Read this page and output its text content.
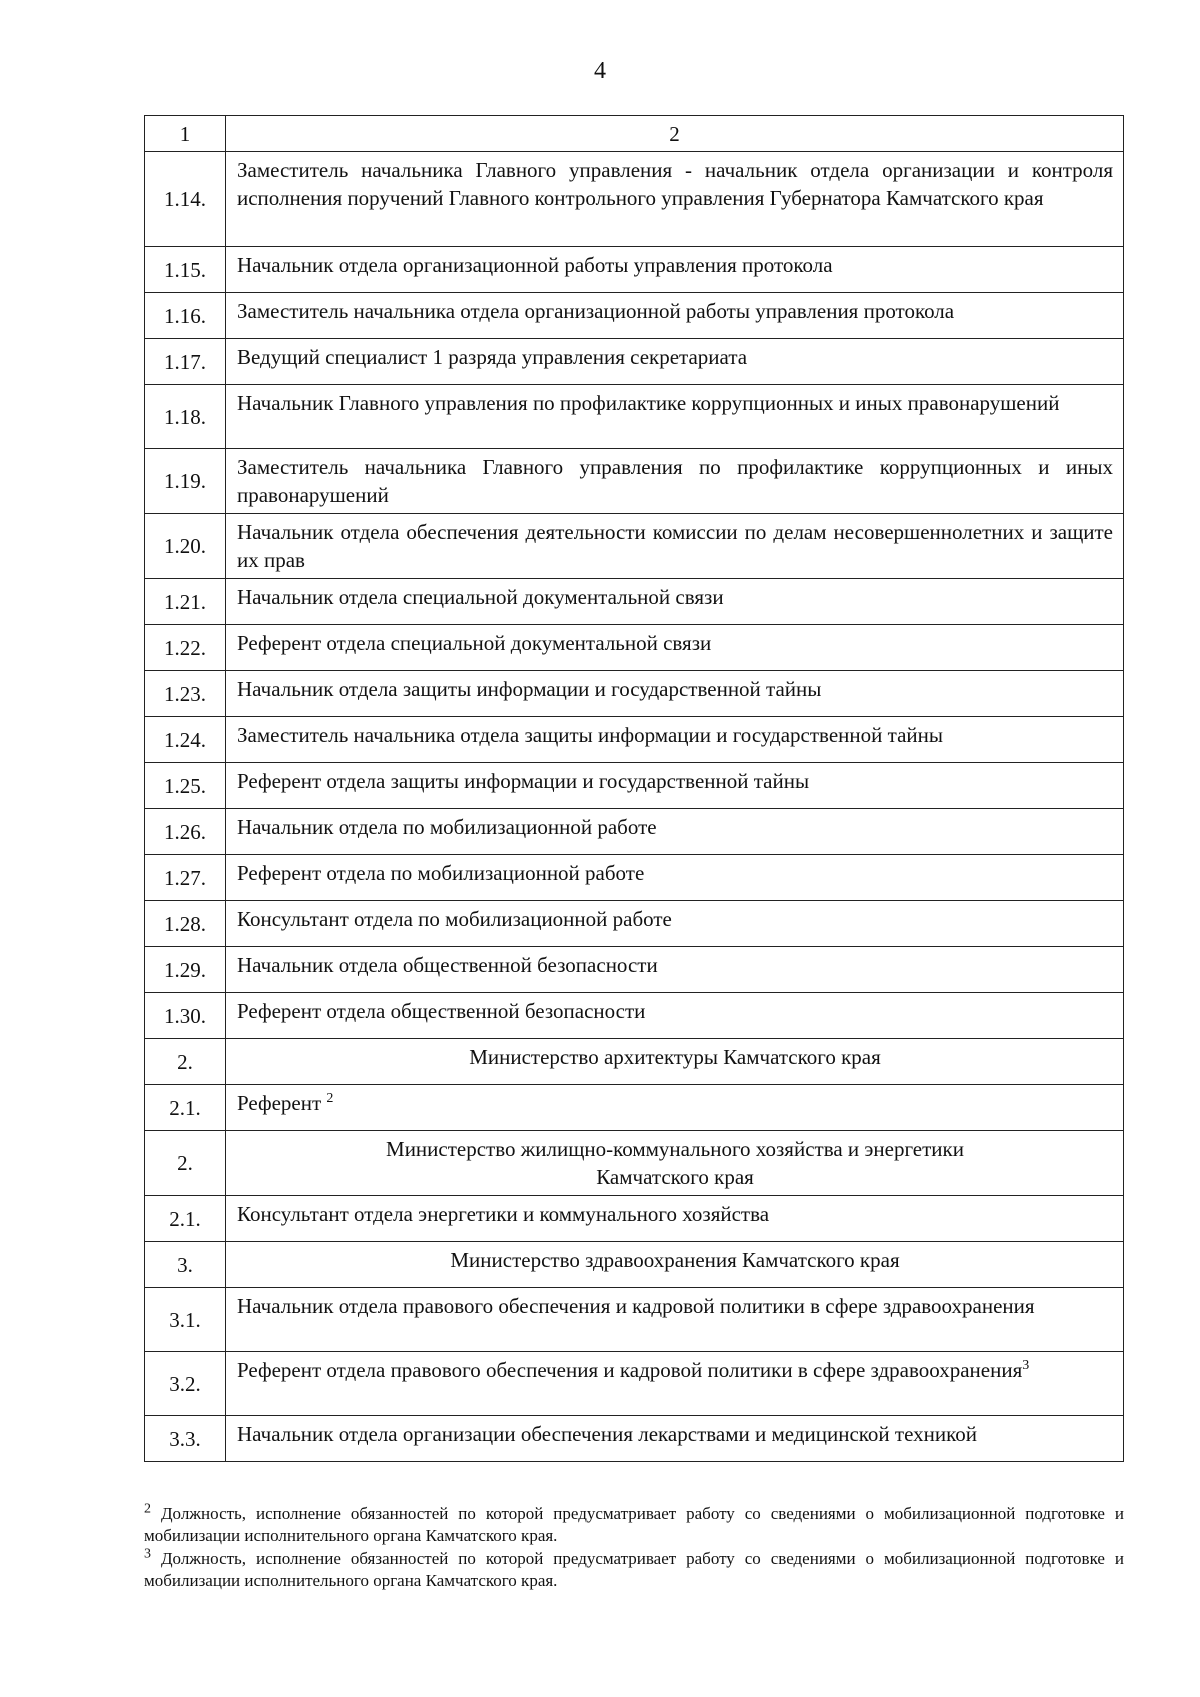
4
1	2
1.14.	Заместитель начальника Главного управления - начальник отдела организации и контроля исполнения поручений Главного контрольного управления Губернатора Камчатского края
1.15.	Начальник отдела организационной работы управления протокола
1.16.	Заместитель начальника отдела организационной работы управления протокола
1.17.	Ведущий специалист 1 разряда управления секретариата
1.18.	Начальник Главного управления по профилактике коррупционных и иных правонарушений
1.19.	Заместитель начальника Главного управления по профилактике коррупционных и иных правонарушений
1.20.	Начальник отдела обеспечения деятельности комиссии по делам несовершеннолетних и защите их прав
1.21.	Начальник отдела специальной документальной связи
1.22.	Референт отдела специальной документальной связи
1.23.	Начальник отдела защиты информации и государственной тайны
1.24.	Заместитель начальника отдела защиты информации и государственной тайны
1.25.	Референт отдела защиты информации и государственной тайны
1.26.	Начальник отдела по мобилизационной работе
1.27.	Референт отдела по мобилизационной работе
1.28.	Консультант отдела по мобилизационной работе
1.29.	Начальник отдела общественной безопасности
1.30.	Референт отдела общественной безопасности
2.	Министерство архитектуры Камчатского края
2.1.	Референт $^2$
2.	Министерство жилищно-коммунального хозяйства и энергетики
Камчатского края

2.1.	Консультант отдела энергетики и коммунального хозяйства
3.	Министерство здравоохранения Камчатского края
3.1.	Начальник отдела правового обеспечения и кадровой политики в сфере здравоохранения
3.2.	Референт отдела правового обеспечения и кадровой политики в сфере здравоохранения$^3$
3.3.	Начальник отдела организации обеспечения лекарствами и медицинской техникой

$^2$ Должность, исполнение обязанностей по которой предусматривает работу со сведениями о мобилизационной подготовке и мобилизации исполнительного органа Камчатского края.

$^3$ Должность, исполнение обязанностей по которой предусматривает работу со сведениями о мобилизационной подготовке и мобилизации исполнительного органа Камчатского края.
